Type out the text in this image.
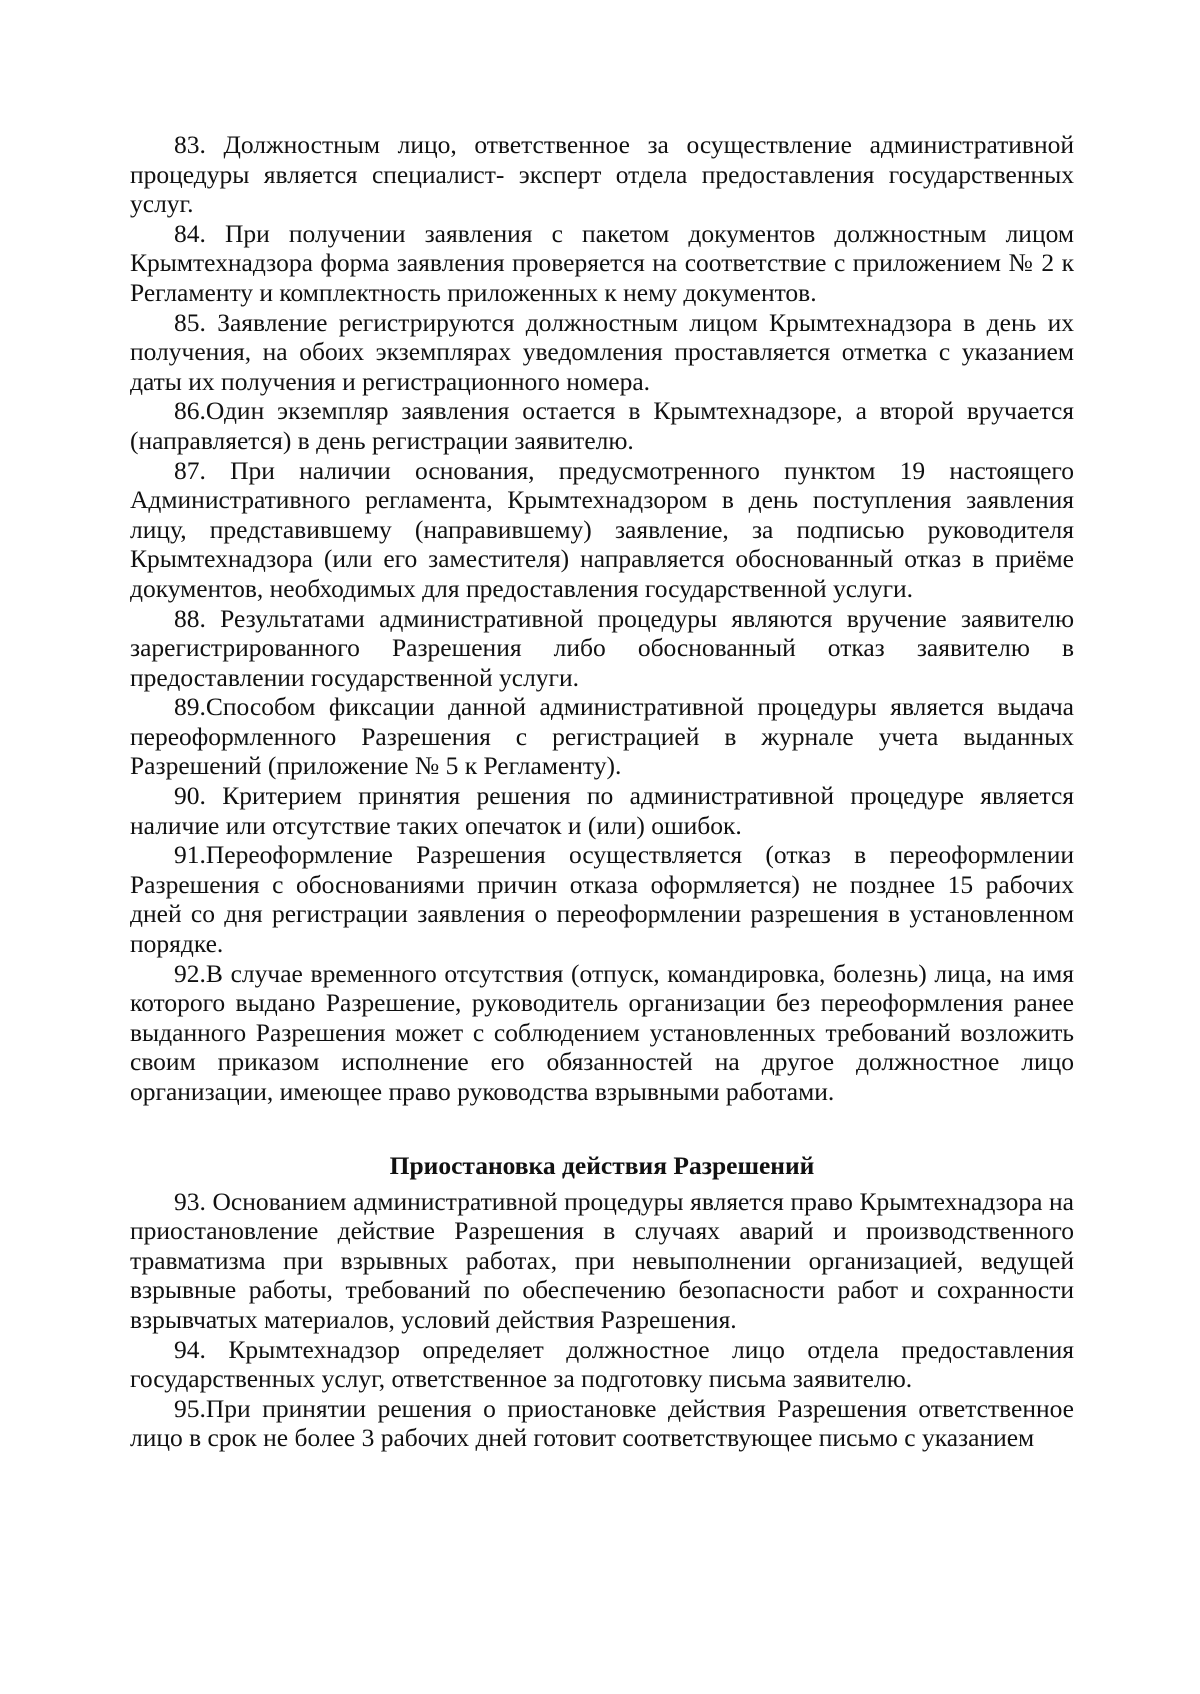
83. Должностным лицо, ответственное за осуществление административной процедуры является специалист- эксперт отдела предоставления государственных услуг.

84. При получении заявления с пакетом документов должностным лицом Крымтехнадзора форма заявления проверяется на соответствие с приложением № 2 к Регламенту и комплектность приложенных к нему документов.

85. Заявление регистрируются должностным лицом Крымтехнадзора в день их получения, на обоих экземплярах уведомления проставляется отметка с указанием даты их получения и регистрационного номера.

86.Один экземпляр заявления остается в Крымтехнадзоре, а второй вручается (направляется) в день регистрации заявителю.

87. При наличии основания, предусмотренного пунктом 19 настоящего Административного регламента, Крымтехнадзором в день поступления заявления лицу, представившему (направившему) заявление, за подписью руководителя Крымтехнадзора (или его заместителя) направляется обоснованный отказ в приёме документов, необходимых для предоставления государственной услуги.

88. Результатами административной процедуры являются вручение заявителю зарегистрированного Разрешения либо обоснованный отказ заявителю в предоставлении государственной услуги.

89.Способом фиксации данной административной процедуры является выдача переоформленного Разрешения с регистрацией в журнале учета выданных Разрешений (приложение № 5 к Регламенту).

90. Критерием принятия решения по административной процедуре является наличие или отсутствие таких опечаток и (или) ошибок.

91.Переоформление Разрешения осуществляется (отказ в переоформлении Разрешения с обоснованиями причин отказа оформляется) не позднее 15 рабочих дней со дня регистрации заявления о переоформлении разрешения в установленном порядке.

92.В случае временного отсутствия (отпуск, командировка, болезнь) лица, на имя которого выдано Разрешение, руководитель организации без переоформления ранее выданного Разрешения может с соблюдением установленных требований возложить своим приказом исполнение его обязанностей на другое должностное лицо организации, имеющее право руководства взрывными работами.

Приостановка действия Разрешений

93. Основанием административной процедуры является право Крымтехнадзора на приостановление действие Разрешения в случаях аварий и производственного травматизма при взрывных работах, при невыполнении организацией, ведущей взрывные работы, требований по обеспечению безопасности работ и сохранности взрывчатых материалов, условий действия Разрешения.

94. Крымтехнадзор определяет должностное лицо отдела предоставления государственных услуг, ответственное за подготовку письма заявителю.

95.При принятии решения о приостановке действия Разрешения ответственное лицо в срок не более 3 рабочих дней готовит соответствующее письмо с указанием
